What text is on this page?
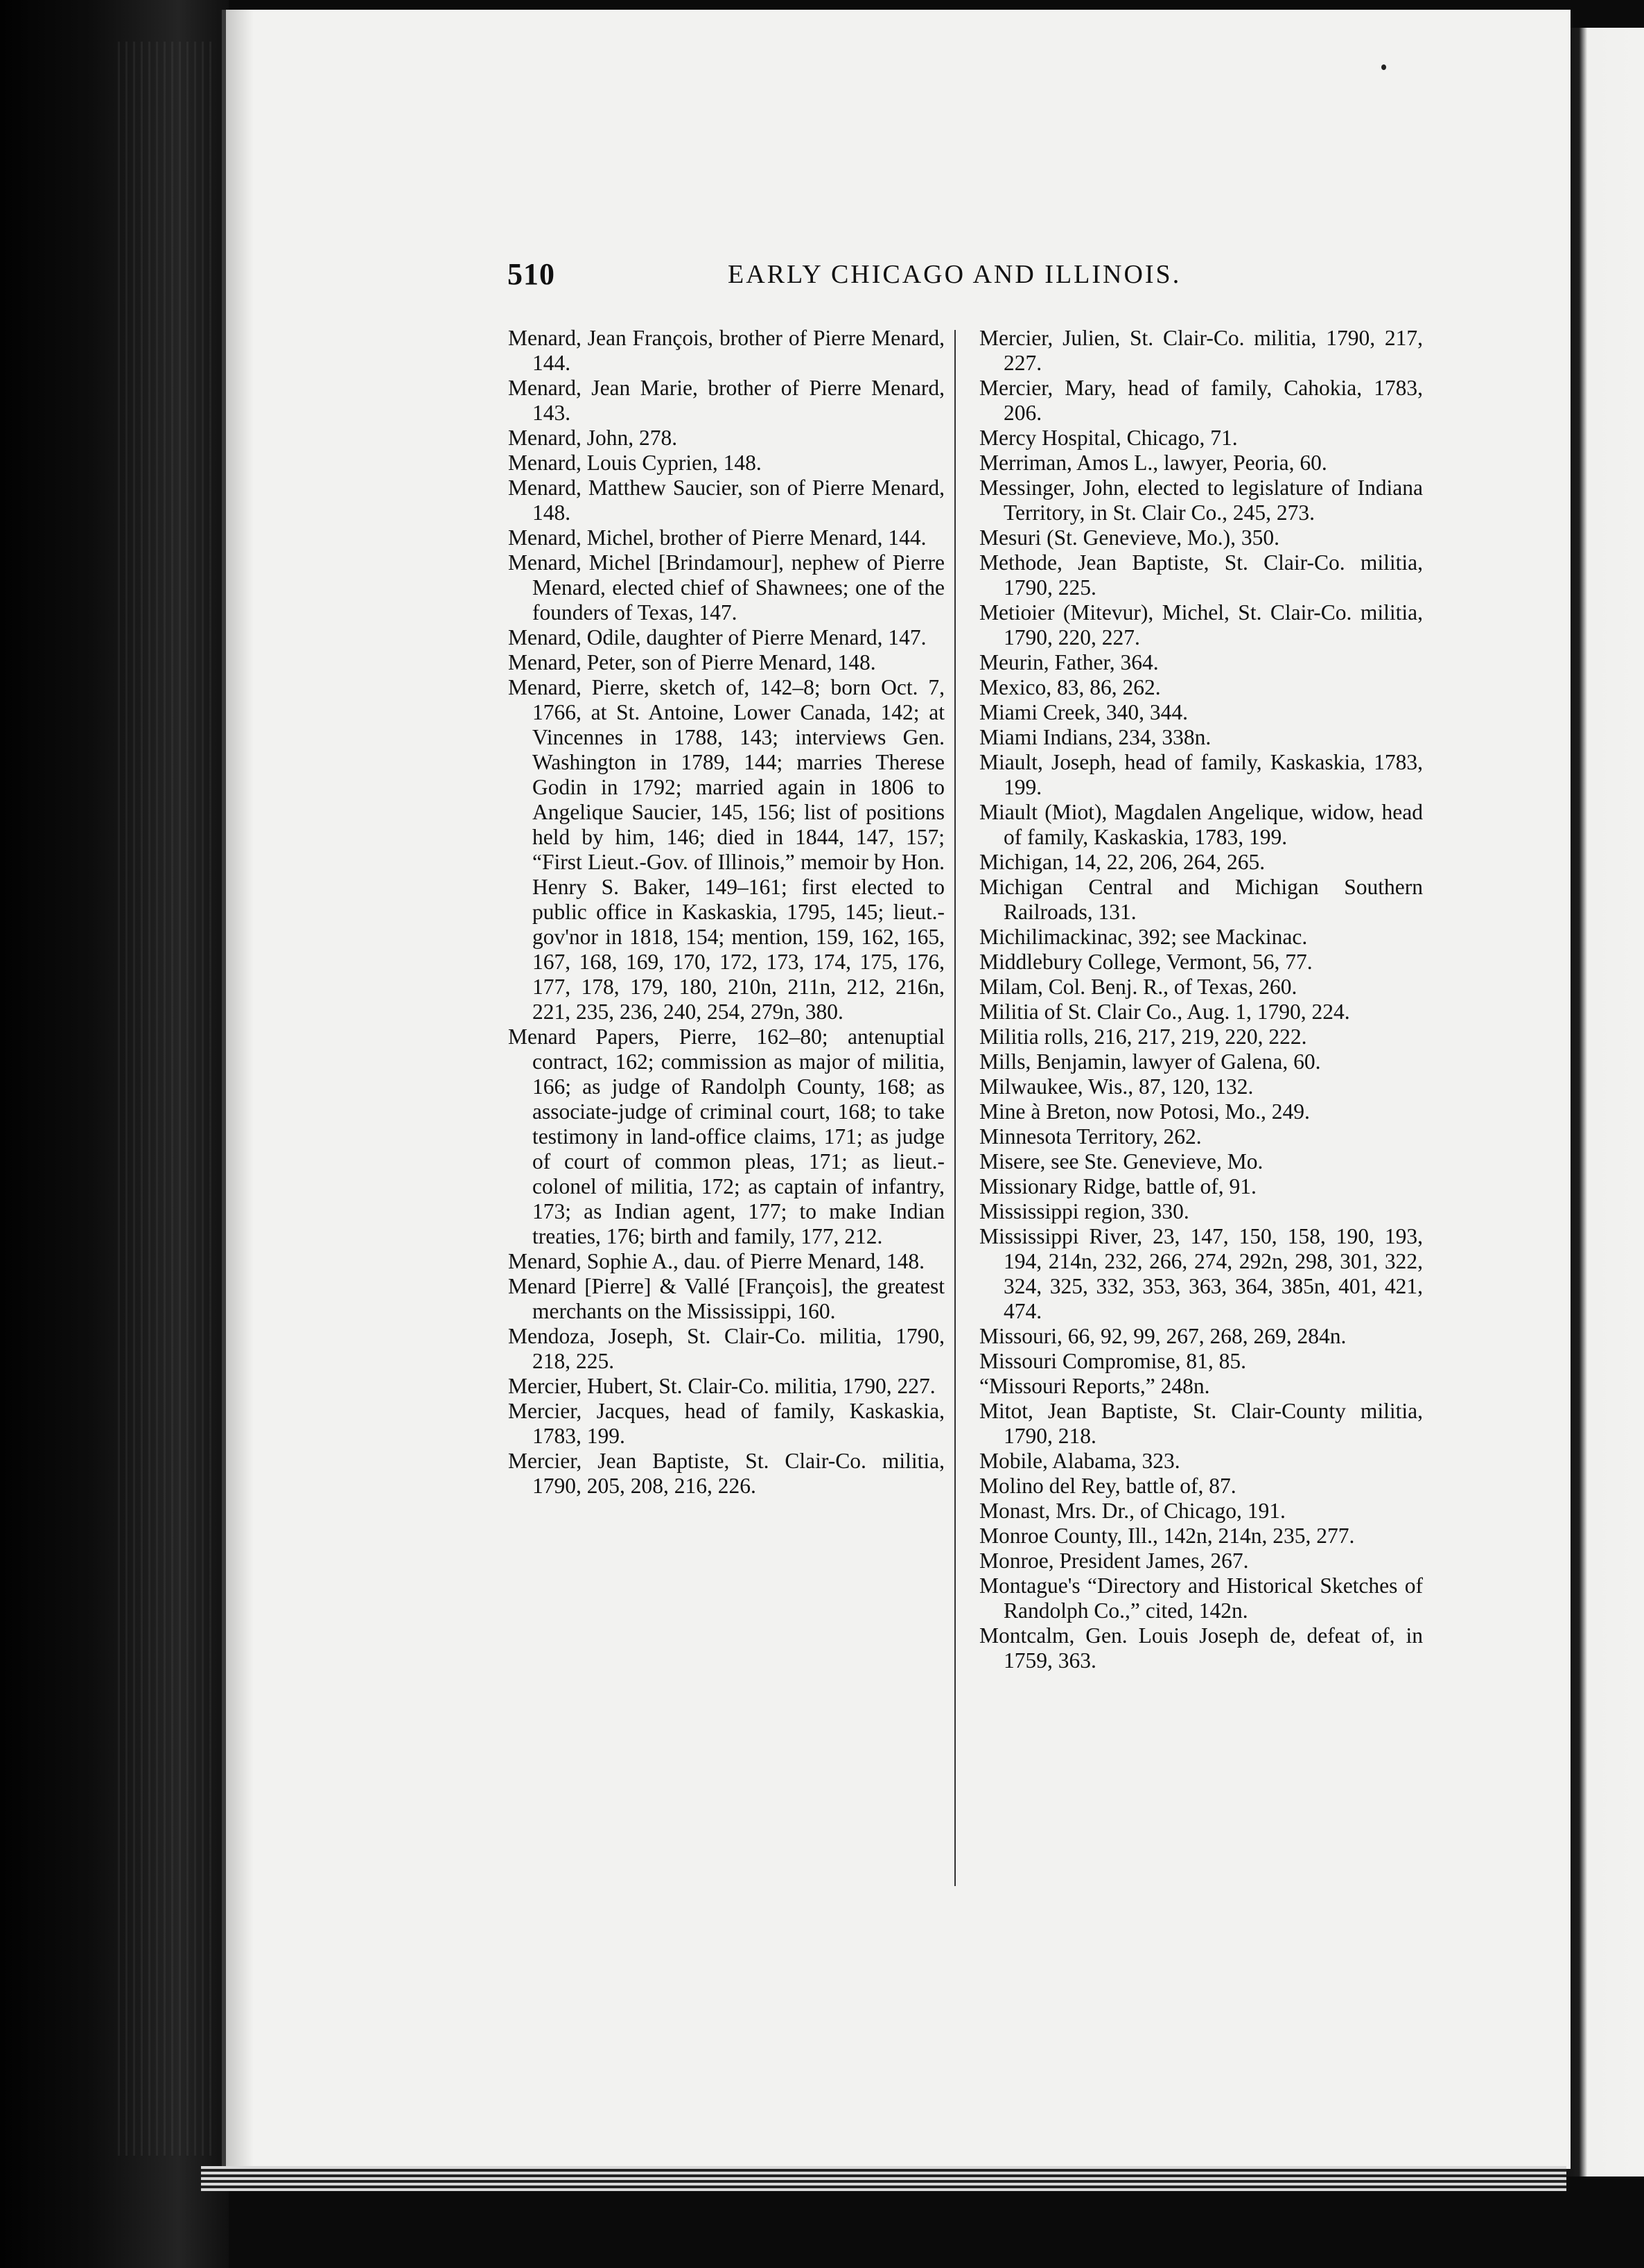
510	EARLY CHICAGO AND ILLINOIS.

Menard, Jean François, brother of Pierre Menard, 144.

Menard, Jean Marie, brother of Pierre Menard, 143.

Menard, John, 278.

Menard, Louis Cyprien, 148.

Menard, Matthew Saucier, son of Pierre Menard, 148.

Menard, Michel, brother of Pierre Menard, 144.

Menard, Michel [Brindamour], nephew of Pierre Menard, elected chief of Shawnees; one of the founders of Texas, 147.

Menard, Odile, daughter of Pierre Menard, 147.

Menard, Peter, son of Pierre Menard, 148.

Menard, Pierre, sketch of, 142–8; born Oct. 7, 1766, at St. Antoine, Lower Canada, 142; at Vincennes in 1788, 143; interviews Gen. Washington in 1789, 144; marries Therese Godin in 1792; married again in 1806 to Angelique Saucier, 145, 156; list of positions held by him, 146; died in 1844, 147, 157; “First Lieut.-Gov. of Illinois,” memoir by Hon. Henry S. Baker, 149–161; first elected to public office in Kaskaskia, 1795, 145; lieut.-gov'nor in 1818, 154; mention, 159, 162, 165, 167, 168, 169, 170, 172, 173, 174, 175, 176, 177, 178, 179, 180, 210n, 211n, 212, 216n, 221, 235, 236, 240, 254, 279n, 380.

Menard Papers, Pierre, 162–80; antenuptial contract, 162; commission as major of militia, 166; as judge of Randolph County, 168; as associate-judge of criminal court, 168; to take testimony in land-office claims, 171; as judge of court of common pleas, 171; as lieut.-colonel of militia, 172; as captain of infantry, 173; as Indian agent, 177; to make Indian treaties, 176; birth and family, 177, 212.

Menard, Sophie A., dau. of Pierre Menard, 148.

Menard [Pierre] & Vallé [François], the greatest merchants on the Mississippi, 160.

Mendoza, Joseph, St. Clair-Co. militia, 1790, 218, 225.

Mercier, Hubert, St. Clair-Co. militia, 1790, 227.

Mercier, Jacques, head of family, Kaskaskia, 1783, 199.

Mercier, Jean Baptiste, St. Clair-Co. militia, 1790, 205, 208, 216, 226.

Mercier, Julien, St. Clair-Co. militia, 1790, 217, 227.

Mercier, Mary, head of family, Cahokia, 1783, 206.

Mercy Hospital, Chicago, 71.

Merriman, Amos L., lawyer, Peoria, 60.

Messinger, John, elected to legislature of Indiana Territory, in St. Clair Co., 245, 273.

Mesuri (St. Genevieve, Mo.), 350.

Methode, Jean Baptiste, St. Clair-Co. militia, 1790, 225.

Metioier (Mitevur), Michel, St. Clair-Co. militia, 1790, 220, 227.

Meurin, Father, 364.

Mexico, 83, 86, 262.

Miami Creek, 340, 344.

Miami Indians, 234, 338n.

Miault, Joseph, head of family, Kaskaskia, 1783, 199.

Miault (Miot), Magdalen Angelique, widow, head of family, Kaskaskia, 1783, 199.

Michigan, 14, 22, 206, 264, 265.

Michigan Central and Michigan Southern Railroads, 131.

Michilimackinac, 392; see Mackinac.

Middlebury College, Vermont, 56, 77.

Milam, Col. Benj. R., of Texas, 260.

Militia of St. Clair Co., Aug. 1, 1790, 224.

Militia rolls, 216, 217, 219, 220, 222.

Mills, Benjamin, lawyer of Galena, 60.

Milwaukee, Wis., 87, 120, 132.

Mine à Breton, now Potosi, Mo., 249.

Minnesota Territory, 262.

Misere, see Ste. Genevieve, Mo.

Missionary Ridge, battle of, 91.

Mississippi region, 330.

Mississippi River, 23, 147, 150, 158, 190, 193, 194, 214n, 232, 266, 274, 292n, 298, 301, 322, 324, 325, 332, 353, 363, 364, 385n, 401, 421, 474.

Missouri, 66, 92, 99, 267, 268, 269, 284n.

Missouri Compromise, 81, 85.

“Missouri Reports,” 248n.

Mitot, Jean Baptiste, St. Clair-County militia, 1790, 218.

Mobile, Alabama, 323.

Molino del Rey, battle of, 87.

Monast, Mrs. Dr., of Chicago, 191.

Monroe County, Ill., 142n, 214n, 235, 277.

Monroe, President James, 267.

Montague's “Directory and Historical Sketches of Randolph Co.,” cited, 142n.

Montcalm, Gen. Louis Joseph de, defeat of, in 1759, 363.
